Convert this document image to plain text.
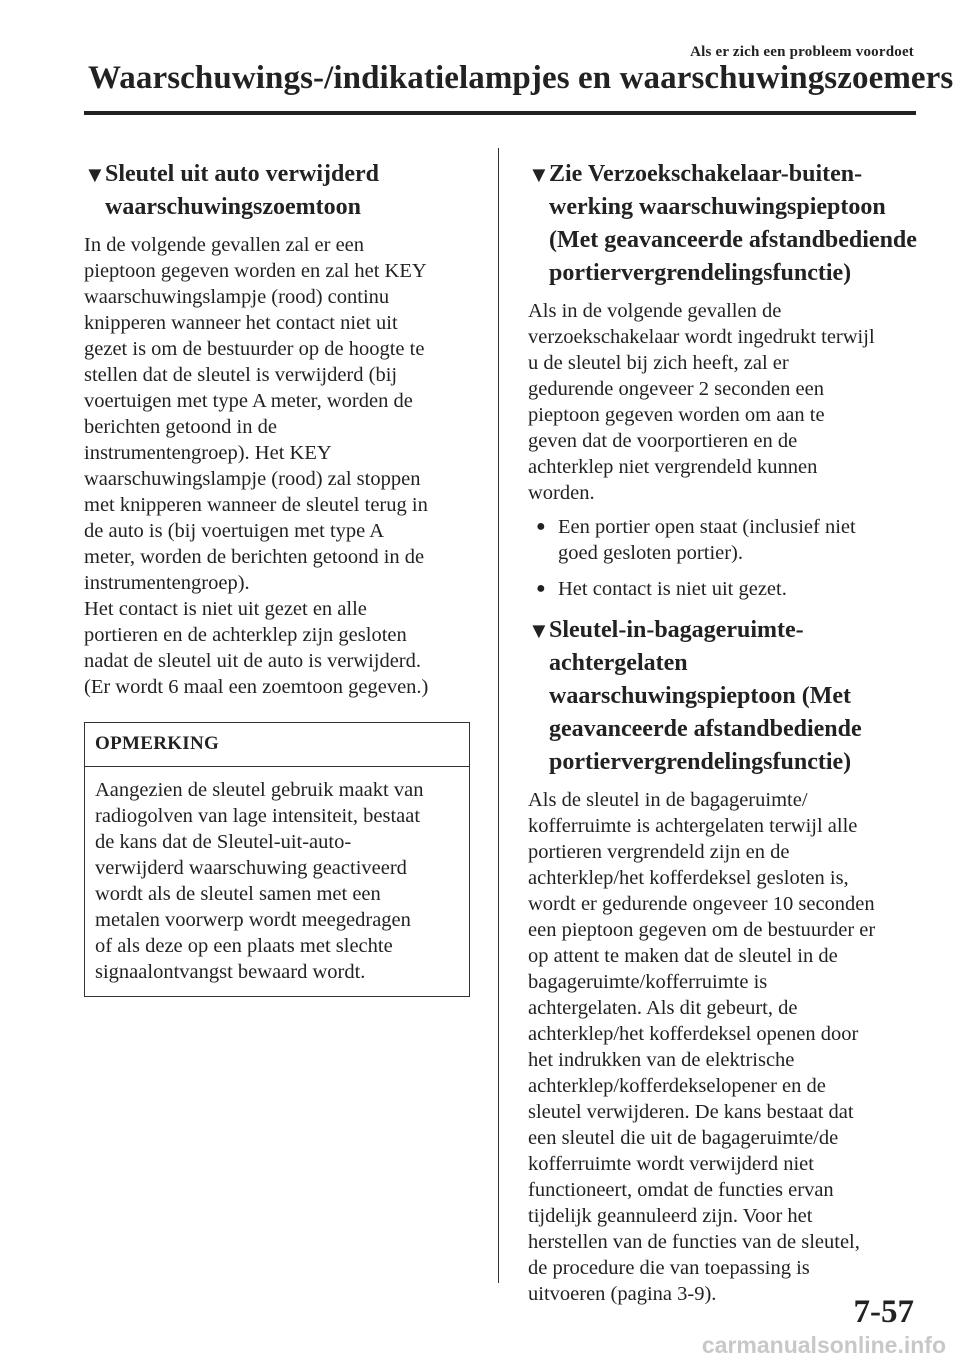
Als er zich een probleem voordoet
Waarschuwings-/indikatielampjes en waarschuwingszoemers
▼ Sleutel uit auto verwijderd
waarschuwingszoemtoon

In de volgende gevallen zal er een
pieptoon gegeven worden en zal het KEY
waarschuwingslampje (rood) continu
knipperen wanneer het contact niet uit
gezet is om de bestuurder op de hoogte te
stellen dat de sleutel is verwijderd (bij
voertuigen met type A meter, worden de
berichten getoond in de
instrumentengroep). Het KEY
waarschuwingslampje (rood) zal stoppen
met knipperen wanneer de sleutel terug in
de auto is (bij voertuigen met type A
meter, worden de berichten getoond in de
instrumentengroep).
Het contact is niet uit gezet en alle
portieren en de achterklep zijn gesloten
nadat de sleutel uit de auto is verwijderd.
(Er wordt 6 maal een zoemtoon gegeven.)

OPMERKING
Aangezien de sleutel gebruik maakt van
radiogolven van lage intensiteit, bestaat
de kans dat de Sleutel-uit-auto-
verwijderd waarschuwing geactiveerd
wordt als de sleutel samen met een
metalen voorwerp wordt meegedragen
of als deze op een plaats met slechte
signaalontvangst bewaard wordt.
▼ Zie Verzoekschakelaar-buiten-
werking waarschuwingspieptoon
(Met geavanceerde afstandbediende
portiervergrendelingsfunctie)

Als in de volgende gevallen de
verzoekschakelaar wordt ingedrukt terwijl
u de sleutel bij zich heeft, zal er
gedurende ongeveer 2 seconden een
pieptoon gegeven worden om aan te
geven dat de voorportieren en de
achterklep niet vergrendeld kunnen
worden.

● Een portier open staat (inclusief niet
goed gesloten portier).
● Het contact is niet uit gezet.
▼ Sleutel-in-bagageruimte-
achtergelaten
waarschuwingspieptoon (Met
geavanceerde afstandbediende
portiervergrendelingsfunctie)

Als de sleutel in de bagageruimte/
kofferruimte is achtergelaten terwijl alle
portieren vergrendeld zijn en de
achterklep/het kofferdeksel gesloten is,
wordt er gedurende ongeveer 10 seconden
een pieptoon gegeven om de bestuurder er
op attent te maken dat de sleutel in de
bagageruimte/kofferruimte is
achtergelaten. Als dit gebeurt, de
achterklep/het kofferdeksel openen door
het indrukken van de elektrische
achterklep/kofferdekselopener en de
sleutel verwijderen. De kans bestaat dat
een sleutel die uit de bagageruimte/de
kofferruimte wordt verwijderd niet
functioneert, omdat de functies ervan
tijdelijk geannuleerd zijn. Voor het
herstellen van de functies van de sleutel,
de procedure die van toepassing is
uitvoeren (pagina 3-9).	7-57
carmanualsonline.info
